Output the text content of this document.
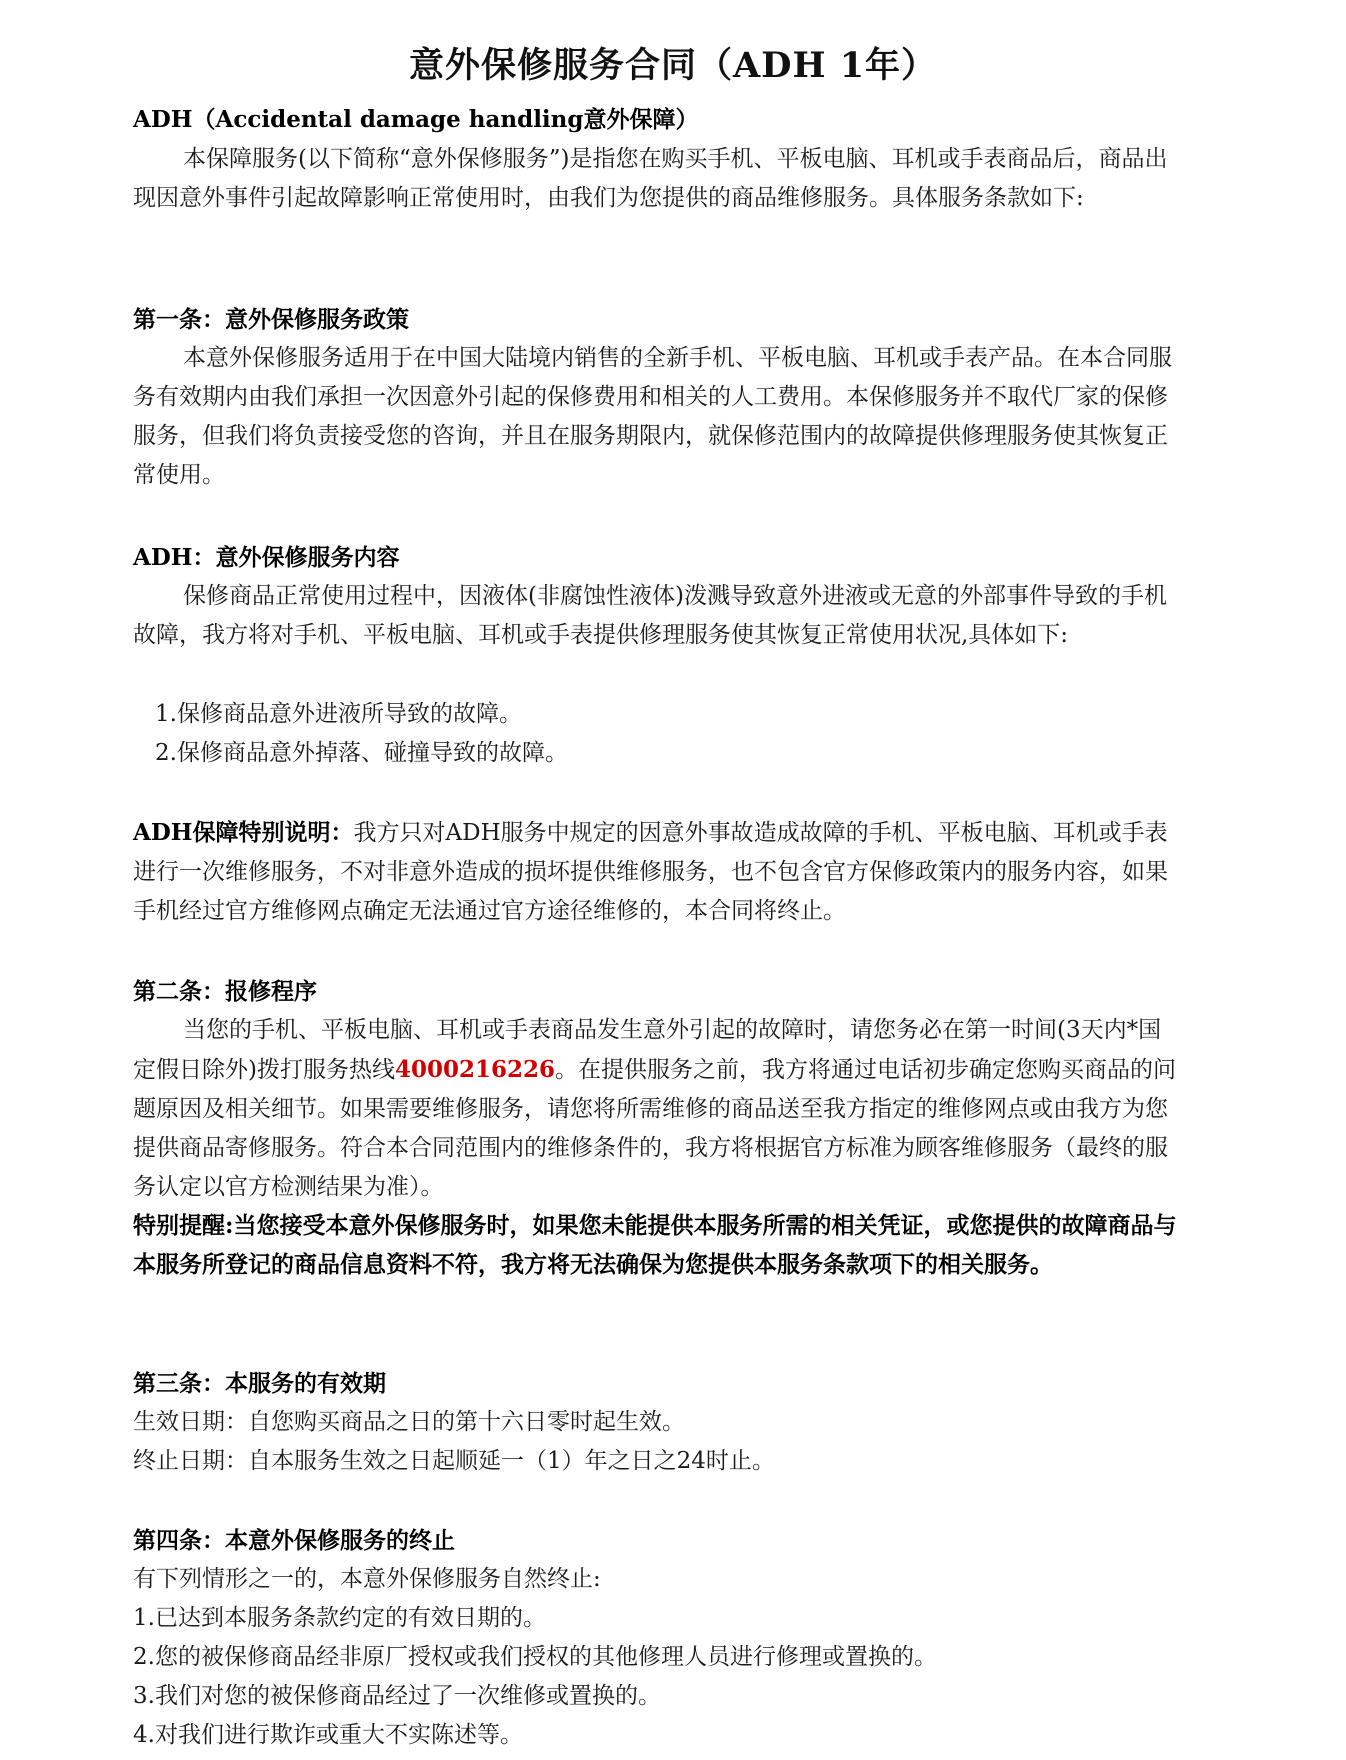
意外保修服务合同（ADH 1年）

ADH（Accidental damage handling意外保障）

本保障服务(以下简称“意外保修服务”)是指您在购买手机、平板电脑、耳机或手表商品后，商品出现因意外事件引起故障影响正常使用时，由我们为您提供的商品维修服务。具体服务条款如下:

第一条：意外保修服务政策

本意外保修服务适用于在中国大陆境内销售的全新手机、平板电脑、耳机或手表产品。在本合同服务有效期内由我们承担一次因意外引起的保修费用和相关的人工费用。本保修服务并不取代厂家的保修服务，但我们将负责接受您的咨询，并且在服务期限内，就保修范围内的故障提供修理服务使其恢复正常使用。

ADH：意外保修服务内容

保修商品正常使用过程中，因液体(非腐蚀性液体)泼溅导致意外进液或无意的外部事件导致的手机故障，我方将对手机、平板电脑、耳机或手表提供修理服务使其恢复正常使用状况,具体如下:

1.保修商品意外进液所导致的故障。

2.保修商品意外掉落、碰撞导致的故障。

ADH保障特别说明：我方只对ADH服务中规定的因意外事故造成故障的手机、平板电脑、耳机或手表进行一次维修服务，不对非意外造成的损坏提供维修服务，也不包含官方保修政策内的服务内容，如果手机经过官方维修网点确定无法通过官方途径维修的，本合同将终止。

第二条：报修程序

当您的手机、平板电脑、耳机或手表商品发生意外引起的故障时，请您务必在第一时间(3天内*国定假日除外)拨打服务热线4000216226。在提供服务之前，我方将通过电话初步确定您购买商品的问题原因及相关细节。如果需要维修服务，请您将所需维修的商品送至我方指定的维修网点或由我方为您提供商品寄修服务。符合本合同范围内的维修条件的，我方将根据官方标准为顾客维修服务（最终的服务认定以官方检测结果为准）。

特别提醒:当您接受本意外保修服务时，如果您未能提供本服务所需的相关凭证，或您提供的故障商品与本服务所登记的商品信息资料不符，我方将无法确保为您提供本服务条款项下的相关服务。

第三条：本服务的有效期

生效日期：自您购买商品之日的第十六日零时起生效。

终止日期：自本服务生效之日起顺延一（1）年之日之24时止。

第四条：本意外保修服务的终止

有下列情形之一的，本意外保修服务自然终止:

1.已达到本服务条款约定的有效日期的。

2.您的被保修商品经非原厂授权或我们授权的其他修理人员进行修理或置换的。

3.我们对您的被保修商品经过了一次维修或置换的。

4.对我们进行欺诈或重大不实陈述等。
